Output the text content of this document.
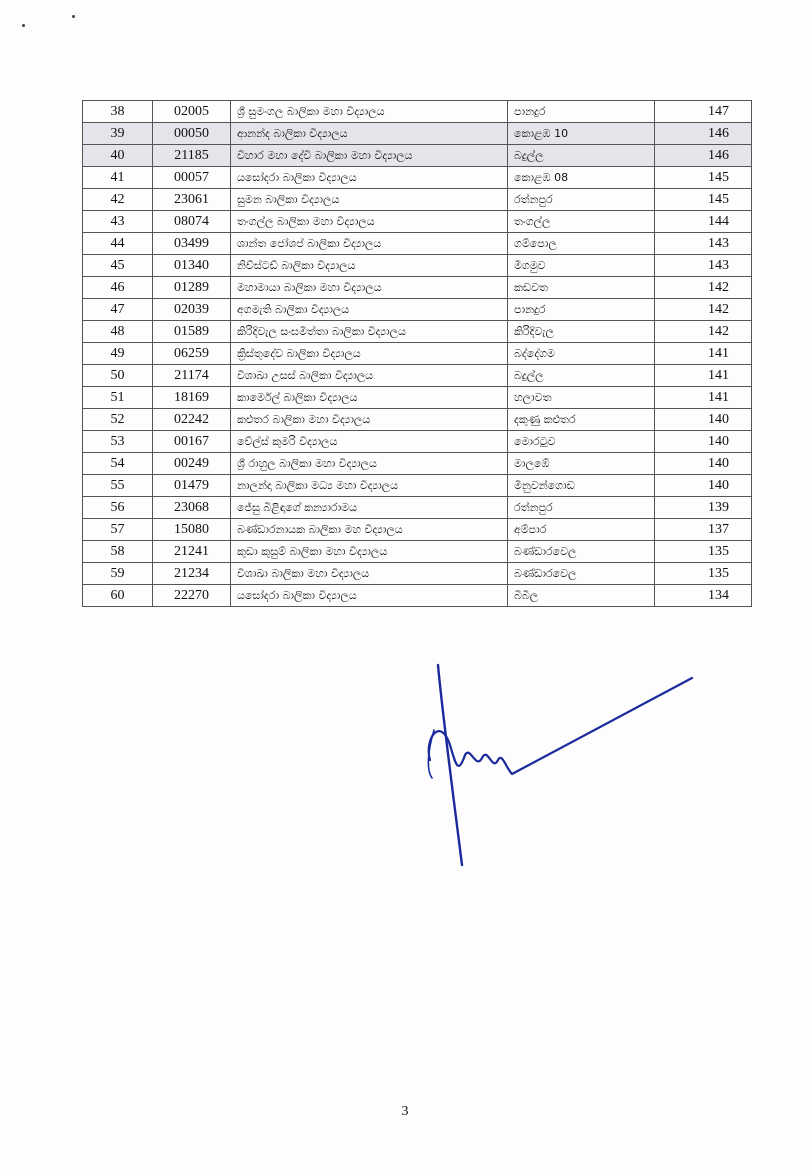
38	02005	ශ්‍රී සුමංගල බාලිකා මහා විද්‍යාලය	පානදුර	147
39	00050	ආනන්ද බාලිකා විද්‍යාලය	කොළඹ 10	146
40	21185	විහාර මහා දේවි බාලිකා මහා විද්‍යාලය	බදුල්ල	146
41	00057	යසෝදරා බාලිකා විද්‍යාලය	කොළඹ 08	145
42	23061	සුමන බාලිකා විද්‍යාලය	රත්නපුර	145
43	08074	තංගල්ල බාලිකා මහා විද්‍යාලය	තංගල්ල	144
44	03499	ශාන්ත ජෝශප් බාලිකා විද්‍යාලය	ගම්පොල	143
45	01340	නිව්ස්ටඩ් බාලිකා විද්‍යාලය	මීගමුව	143
46	01289	මහාමායා බාලිකා මහා විද්‍යාලය	කඩවත	142
47	02039	අගමැති බාලිකා විද්‍යාලය	පානදුර	142
48	01589	කිරිදිවැල සංඝමිත්තා බාලිකා විද්‍යාලය	කිරිදිවැල	142
49	06259	ක්‍රිස්තුදේව බාලිකා විද්‍යාලය	බද්දේගම	141
50	21174	විශාඛා උසස් බාලිකා විද්‍යාලය	බදුල්ල	141
51	18169	කාර්මෙල් බාලිකා විද්‍යාලය	හලාවත	141
52	02242	කළුතර බාලිකා මහා විද්‍යාලය	දකුණු කළුතර	140
53	00167	වේල්ස් කුමරි විද්‍යාලය	මොරටුව	140
54	00249	ශ්‍රී රාහුල බාලිකා මහා විද්‍යාලය	මාලඹේ	140
55	01479	නාලන්දා බාලිකා මධ්‍ය මහා විද්‍යාලය	මිනුවන්ගොඩ	140
56	23068	ජේසු බිළිඳාගේ කන්‍යාරාමය	රත්නපුර	139
57	15080	බණ්ඩාරනායක බාලිකා මහ විද්‍යාලය	අම්පාර	137
58	21241	කුඩා කුසුම් බාලිකා මහා විද්‍යාලය	බණ්ඩාරවෙල	135
59	21234	විශාඛා බාලිකා මහා විද්‍යාලය	බණ්ඩාරවෙල	135
60	22270	යසෝදරා බාලිකා විද්‍යාලය	බිබිල	134
3
